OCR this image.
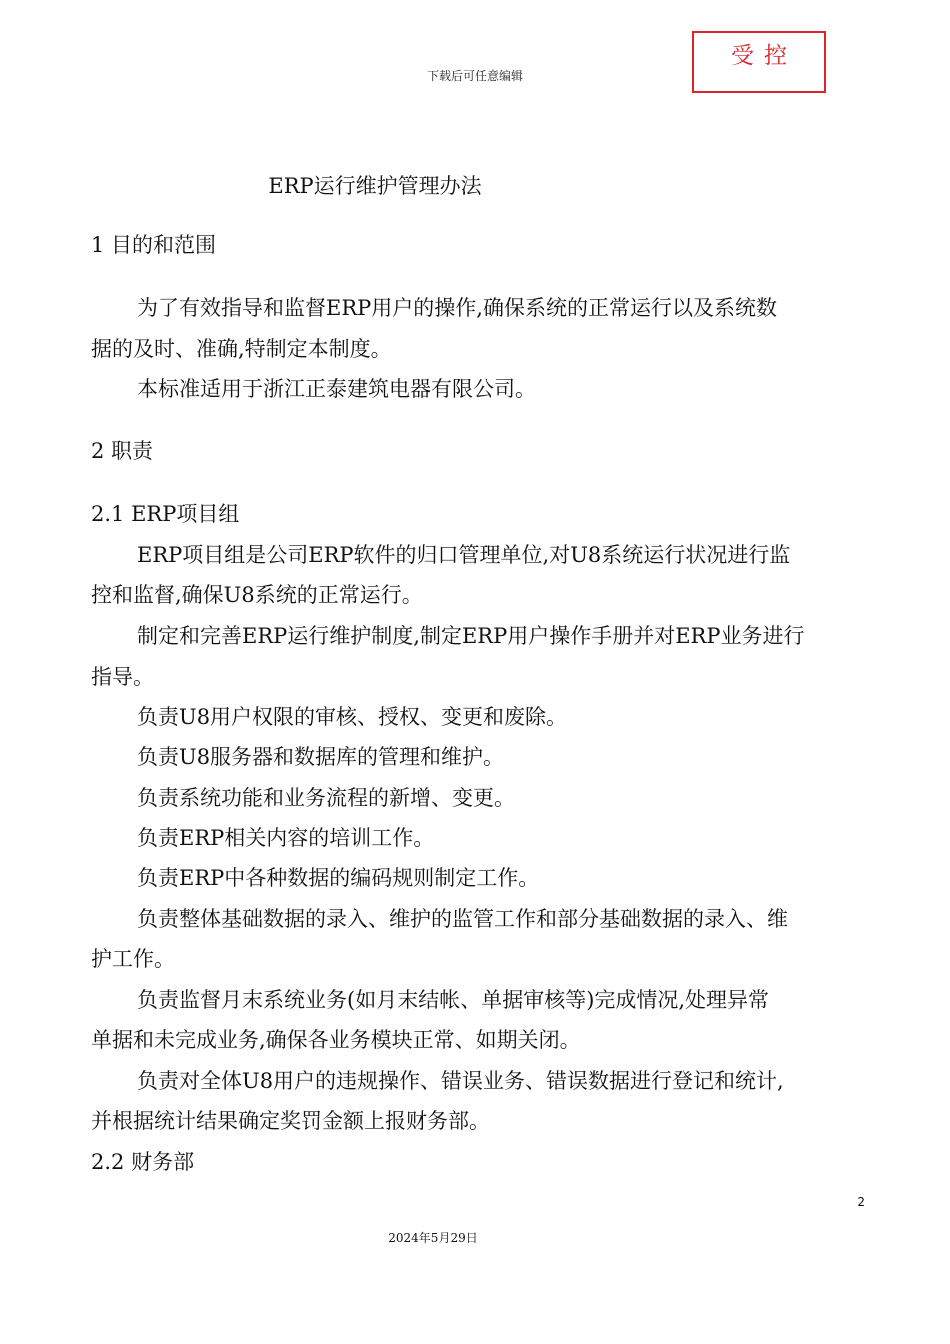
下载后可任意编辑
受控
ERP运行维护管理办法
1 目的和范围
为了有效指导和监督ERP用户的操作,确保系统的正常运行以及系统数
据的及时、准确,特制定本制度。
本标准适用于浙江正泰建筑电器有限公司。
2 职责
2.1 ERP项目组
ERP项目组是公司ERP软件的归口管理单位,对U8系统运行状况进行监
控和监督,确保U8系统的正常运行。
制定和完善ERP运行维护制度,制定ERP用户操作手册并对ERP业务进行
指导。
负责U8用户权限的审核、授权、变更和废除。
负责U8服务器和数据库的管理和维护。
负责系统功能和业务流程的新增、变更。
负责ERP相关内容的培训工作。
负责ERP中各种数据的编码规则制定工作。
负责整体基础数据的录入、维护的监管工作和部分基础数据的录入、维
护工作。
负责监督月末系统业务(如月末结帐、单据审核等)完成情况,处理异常
单据和未完成业务,确保各业务模块正常、如期关闭。
负责对全体U8用户的违规操作、错误业务、错误数据进行登记和统计,
并根据统计结果确定奖罚金额上报财务部。
2.2 财务部
2
2024年5月29日
